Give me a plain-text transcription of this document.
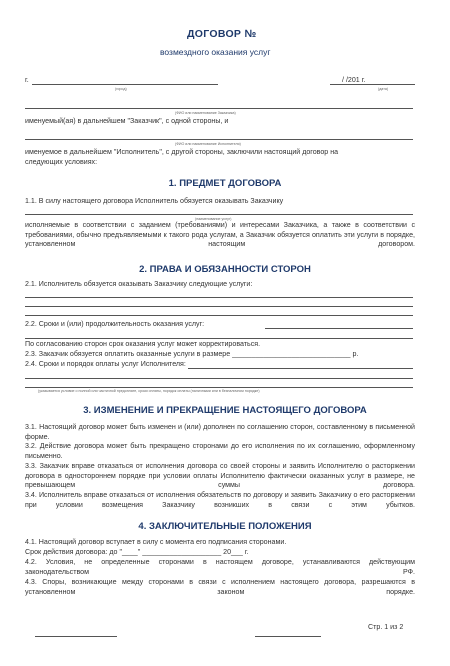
ДОГОВОР №
возмездного оказания услуг
г.
(город)
/ /201 г.
(дата)
(ФИО или наименование Заказчика)
именуемый(ая) в дальнейшем "Заказчик", с одной стороны, и
(ФИО или наименование Исполнителя)
именуемое в дальнейшем "Исполнитель", с другой стороны, заключили настоящий договор на
следующих условиях:
1. ПРЕДМЕТ ДОГОВОРА
1.1. В силу настоящего договора Исполнитель обязуется оказывать Заказчику
(наименование услуг)
исполняемые в соответствии с заданием (требованиями) и интересами Заказчика, а также в соответствии с требованиями, обычно предъявляемыми к такого рода услугам, а Заказчик обязуется оплатить эти услуги в порядке, установленном настоящим договором.
2. ПРАВА И ОБЯЗАННОСТИ СТОРОН
2.1. Исполнитель обязуется оказывать Заказчику следующие услуги:
2.2. Сроки и (или) продолжительность оказания услуг:
По согласованию сторон срок оказания услуг может корректироваться.
2.3. Заказчик обязуется оплатить оказанные услуги в размере ______________________________ р.
2.4. Сроки и порядок оплаты услуг Исполнителя:
(указывается условие о полной или частичной предоплате, сроки оплаты, порядок оплаты (наличными или в безналичном порядке)
3. ИЗМЕНЕНИЕ И ПРЕКРАЩЕНИЕ НАСТОЯЩЕГО ДОГОВОРА
3.1. Настоящий договор может быть изменен и (или) дополнен по соглашению сторон, составленному в письменной форме.
3.2. Действие договора может быть прекращено сторонами до его исполнения по их соглашению, оформленному письменно.
3.3. Заказчик вправе отказаться от исполнения договора со своей стороны и заявить Исполнителю о расторжении договора в одностороннем порядке при условии оплаты Исполнителю фактически оказанных услуг в размере, не превышающем суммы договора.
3.4. Исполнитель вправе отказаться от исполнения обязательств по договору и заявить Заказчику о его расторжении при условии возмещения Заказчику возникших в связи с этим убытков.
4. ЗАКЛЮЧИТЕЛЬНЫЕ ПОЛОЖЕНИЯ
4.1. Настоящий договор вступает в силу с момента его подписания сторонами.
Срок действия договора: до "____" ____________________ 20___ г.
4.2. Условия, не определенные сторонами в настоящем договоре, устанавливаются действующим законодательством РФ.
4.3. Споры, возникающие между сторонами в связи с исполнением настоящего договора, разрешаются в установленном законом порядке.
Стр. 1 из 2
